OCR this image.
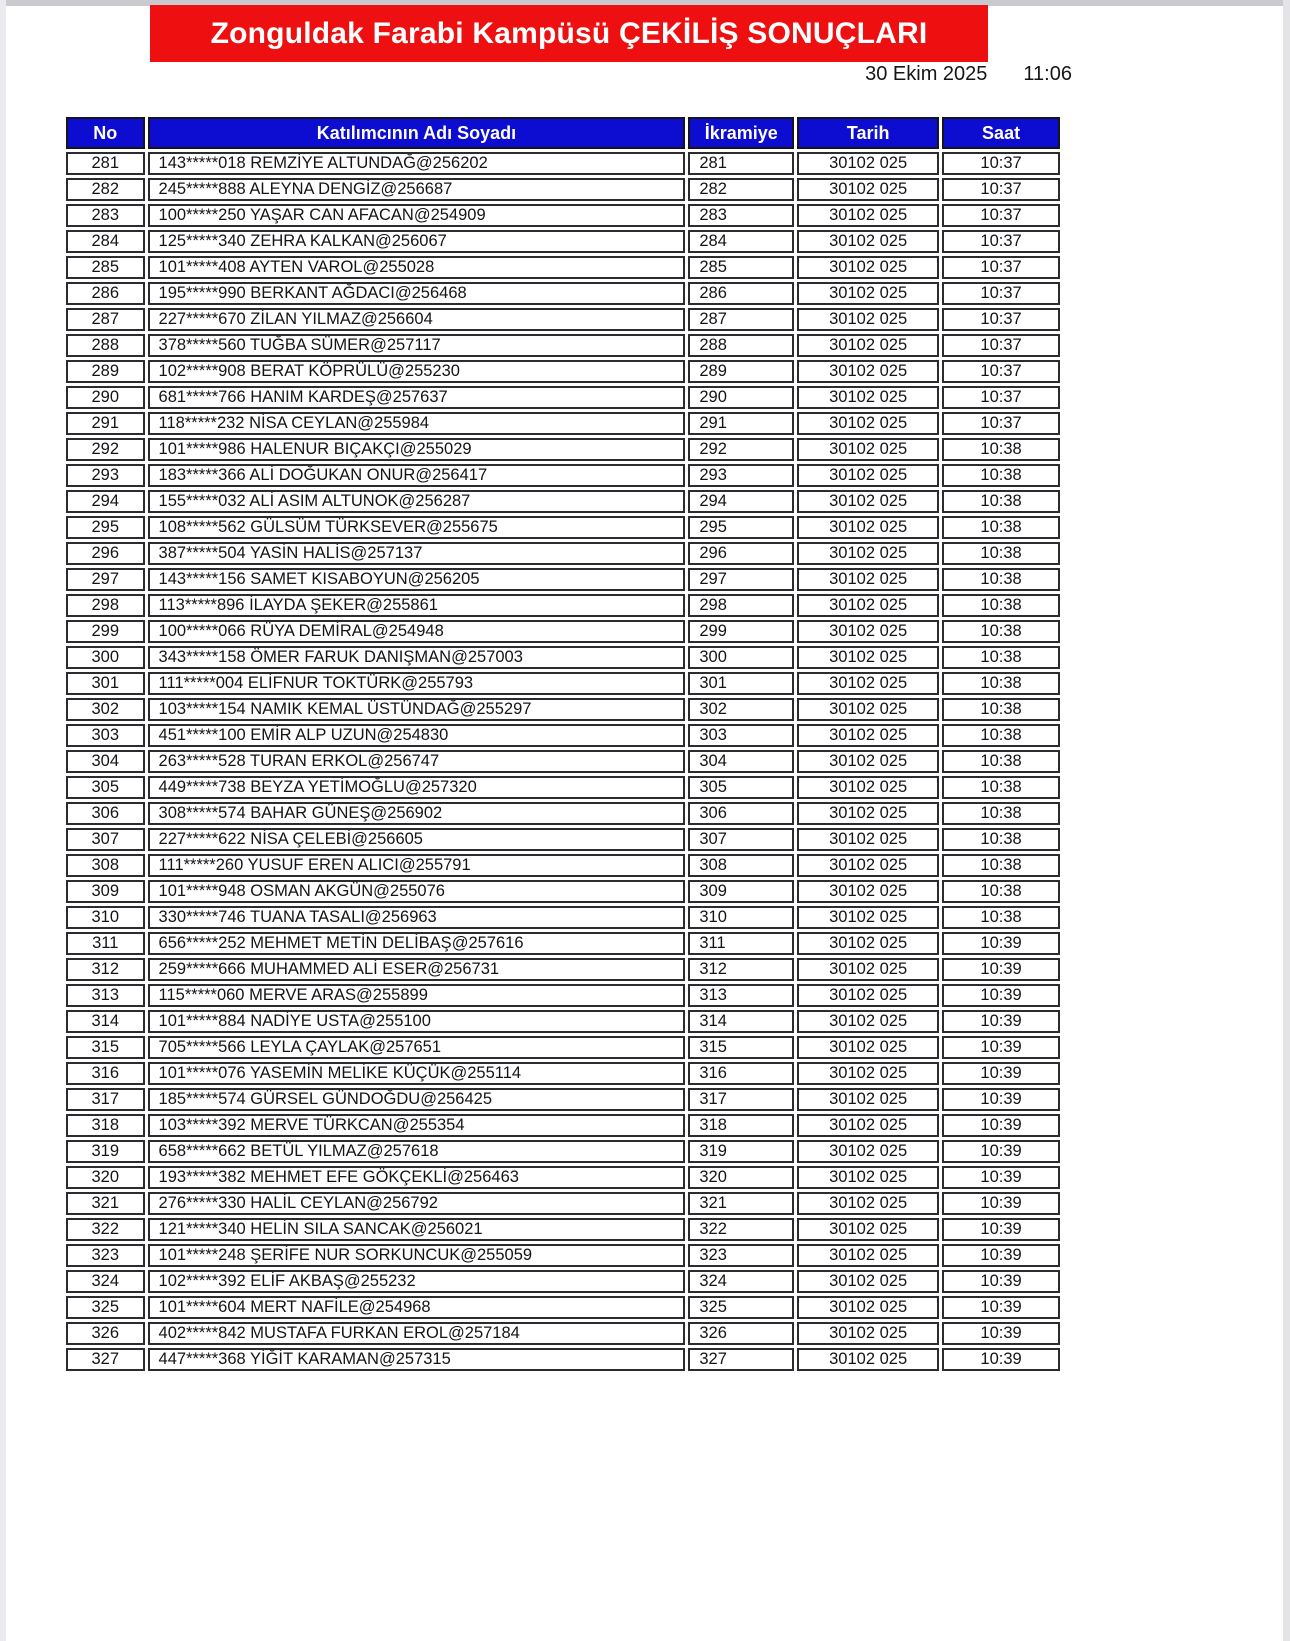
Zonguldak Farabi Kampüsü ÇEKİLİŞ SONUÇLARI
30 Ekim 2025 11:06
No	Katılımcının Adı Soyadı	İkramiye	Tarih	Saat
281	143*****018 REMZİYE ALTUNDAĞ@256202	281	30102 025	10:37
282	245*****888 ALEYNA DENGİZ@256687	282	30102 025	10:37
283	100*****250 YAŞAR CAN AFACAN@254909	283	30102 025	10:37
284	125*****340 ZEHRA KALKAN@256067	284	30102 025	10:37
285	101*****408 AYTEN VAROL@255028	285	30102 025	10:37
286	195*****990 BERKANT AĞDACI@256468	286	30102 025	10:37
287	227*****670 ZİLAN YILMAZ@256604	287	30102 025	10:37
288	378*****560 TUĞBA SÜMER@257117	288	30102 025	10:37
289	102*****908 BERAT KÖPRÜLÜ@255230	289	30102 025	10:37
290	681*****766 HANIM KARDEŞ@257637	290	30102 025	10:37
291	118*****232 NİSA CEYLAN@255984	291	30102 025	10:37
292	101*****986 HALENUR BIÇAKÇI@255029	292	30102 025	10:38
293	183*****366 ALİ DOĞUKAN ONUR@256417	293	30102 025	10:38
294	155*****032 ALİ ASIM ALTUNOK@256287	294	30102 025	10:38
295	108*****562 GÜLSÜM TÜRKSEVER@255675	295	30102 025	10:38
296	387*****504 YASİN HALİS@257137	296	30102 025	10:38
297	143*****156 SAMET KISABOYUN@256205	297	30102 025	10:38
298	113*****896 İLAYDA ŞEKER@255861	298	30102 025	10:38
299	100*****066 RÜYA DEMİRAL@254948	299	30102 025	10:38
300	343*****158 ÖMER FARUK DANIŞMAN@257003	300	30102 025	10:38
301	111*****004 ELİFNUR TOKTÜRK@255793	301	30102 025	10:38
302	103*****154 NAMIK KEMAL ÜSTÜNDAĞ@255297	302	30102 025	10:38
303	451*****100 EMİR ALP UZUN@254830	303	30102 025	10:38
304	263*****528 TURAN ERKOL@256747	304	30102 025	10:38
305	449*****738 BEYZA YETİMOĞLU@257320	305	30102 025	10:38
306	308*****574 BAHAR GÜNEŞ@256902	306	30102 025	10:38
307	227*****622 NİSA ÇELEBİ@256605	307	30102 025	10:38
308	111*****260 YUSUF EREN ALICI@255791	308	30102 025	10:38
309	101*****948 OSMAN AKGÜN@255076	309	30102 025	10:38
310	330*****746 TUANA TASALI@256963	310	30102 025	10:38
311	656*****252 MEHMET METİN DELİBAŞ@257616	311	30102 025	10:39
312	259*****666 MUHAMMED ALİ ESER@256731	312	30102 025	10:39
313	115*****060 MERVE ARAS@255899	313	30102 025	10:39
314	101*****884 NADİYE USTA@255100	314	30102 025	10:39
315	705*****566 LEYLA ÇAYLAK@257651	315	30102 025	10:39
316	101*****076 YASEMİN MELİKE KÜÇÜK@255114	316	30102 025	10:39
317	185*****574 GÜRSEL GÜNDOĞDU@256425	317	30102 025	10:39
318	103*****392 MERVE TÜRKCAN@255354	318	30102 025	10:39
319	658*****662 BETÜL YILMAZ@257618	319	30102 025	10:39
320	193*****382 MEHMET EFE GÖKÇEKLİ@256463	320	30102 025	10:39
321	276*****330 HALİL CEYLAN@256792	321	30102 025	10:39
322	121*****340 HELİN SILA SANCAK@256021	322	30102 025	10:39
323	101*****248 ŞERİFE NUR SORKUNCUK@255059	323	30102 025	10:39
324	102*****392 ELİF AKBAŞ@255232	324	30102 025	10:39
325	101*****604 MERT NAFİLE@254968	325	30102 025	10:39
326	402*****842 MUSTAFA FURKAN EROL@257184	326	30102 025	10:39
327	447*****368 YİĞİT KARAMAN@257315	327	30102 025	10:39
